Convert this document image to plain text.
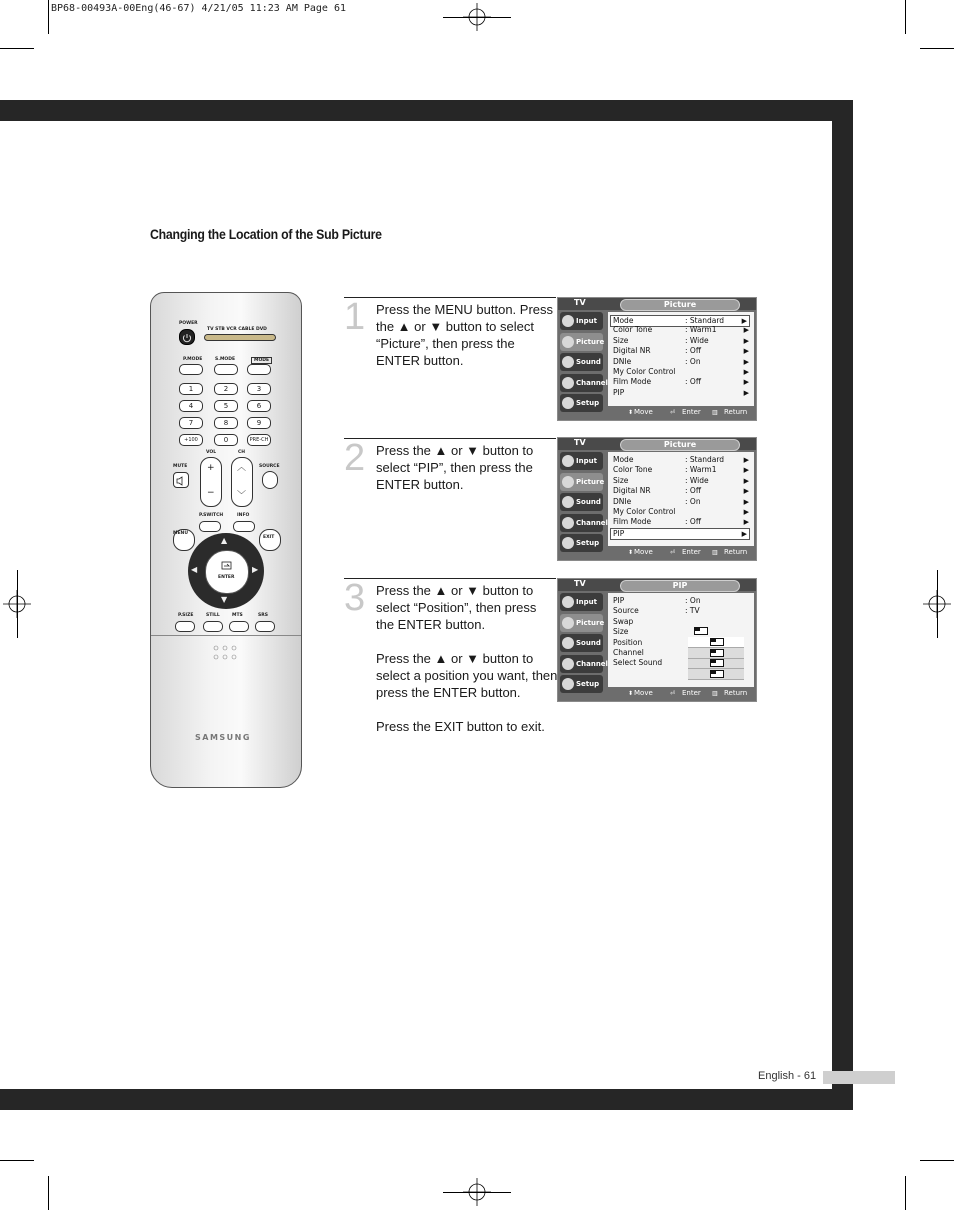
BP68-00493A-00Eng(46-67) 4/21/05 11:23 AM Page 61
Changing the Location of the Sub Picture
POWER
TV STB VCR CABLE DVD
P.MODE	S.MODE	MODE
1	2	3
4	5	6
7	8	9
+100	0	PRE-CH
MUTE
VOL
+
−
CH
︿
﹀
SOURCE
P.SWITCH	INFO
MENU
EXIT
▲
▼
◀	▶
ENTER
P.SIZE	STILL	MTS	SRS
SAMSUNG
1 Press the MENU button. Press the ▲ or ▼ button to select “Picture”, then press the ENTER button.

2 Press the ▲ or ▼ button to select “PIP”, then press the ENTER button.

3 Press the ▲ or ▼ button to select “Position”, then press the ENTER button.

Press the ▲ or ▼ button to select a position you want, then press the ENTER button.

Press the EXIT button to exit.

TV	Picture
Input
Picture
Sound
Channel
Setup
Mode	: Standard	▶
Color Tone	: Warm1	▶
Size	: Wide	▶
Digital NR	: Off	▶
DNIe	: On	▶
My Color Control	▶
Film Mode	: Off	▶
PIP	▶
Move
⬍	Enter
⏎	Return
▥
TV	Picture
Input
Picture
Sound
Channel
Setup
Mode	: Standard	▶
Color Tone	: Warm1	▶
Size	: Wide	▶
Digital NR	: Off	▶
DNIe	: On	▶
My Color Control	▶
Film Mode	: Off	▶
PIP	▶
Move
⬍	Enter
⏎	Return
▥
TV	PIP
Input
Picture
Sound
Channel
Setup
PIP	: On
Source	: TV
Swap
Size
Position
Channel
Select Sound
Move
⬍	Enter
⏎	Return
▥
English - 61
